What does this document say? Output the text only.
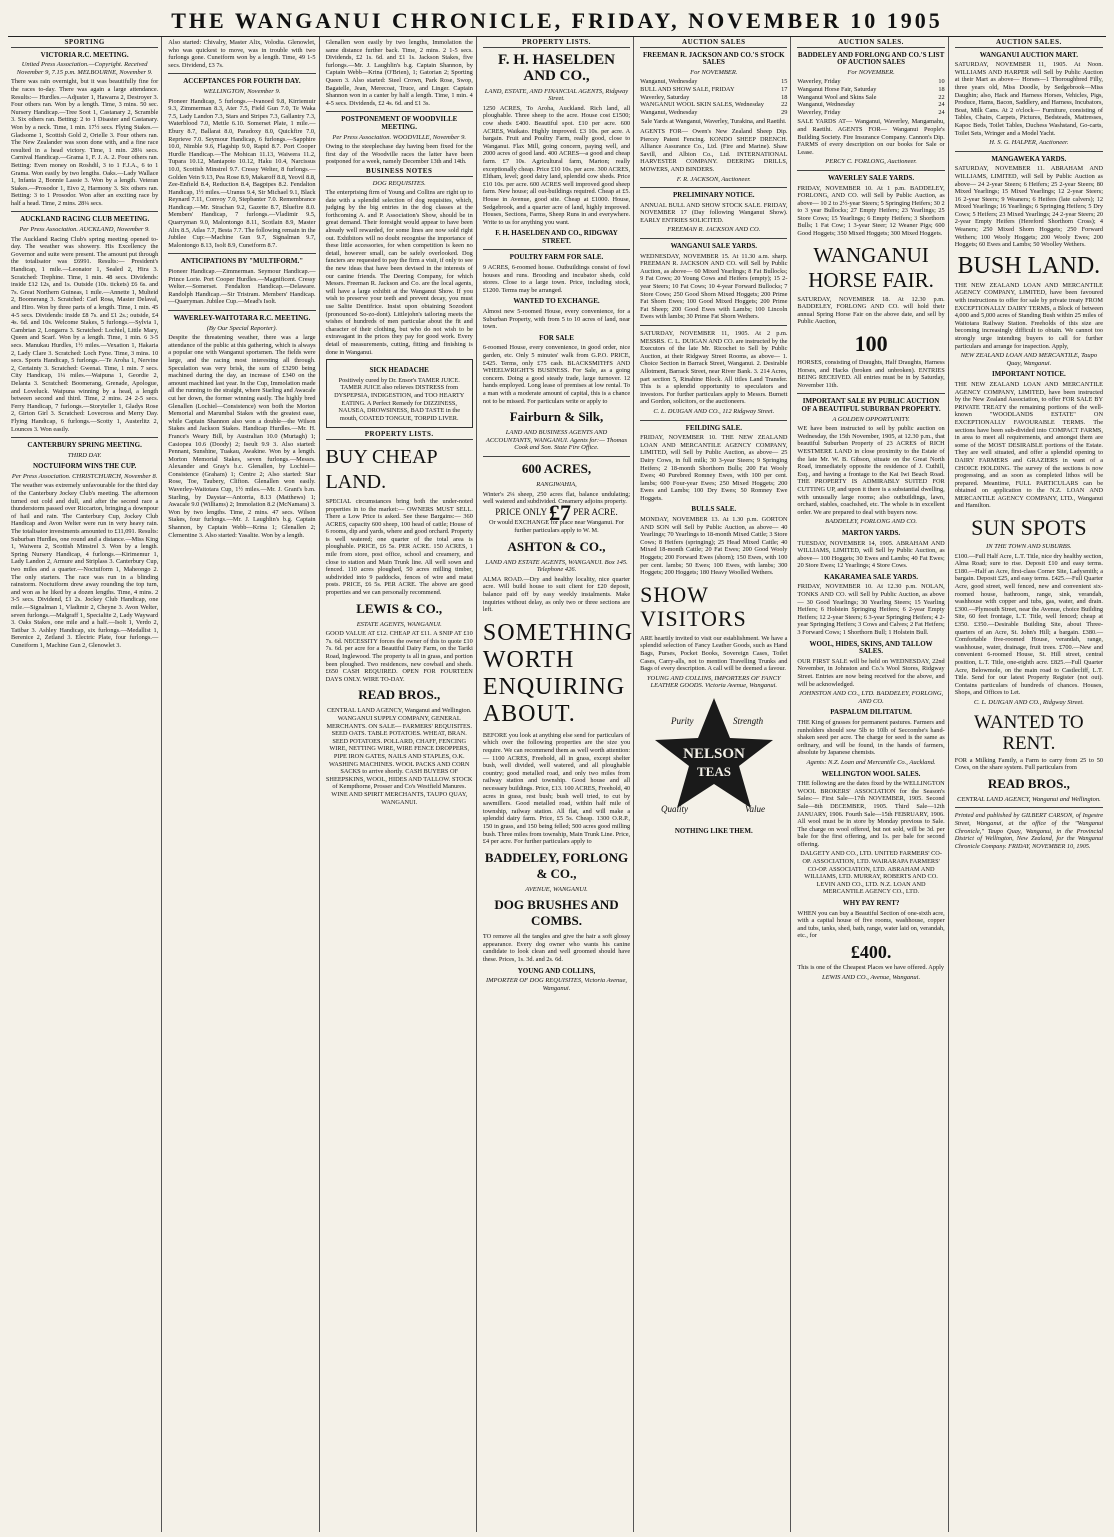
THE WANGANUI CHRONICLE, FRIDAY, NOVEMBER 10 1905
SPORTING
VICTORIA R.C. MEETING.
United Press Association.—Copyright. Received November 9, 7.15 p.m. MELBOURNE, November 9.
There was rain overnight, but it was beautifully fine for the races to-day. There was again a large attendance. Results:— Hurdles.—Adjuster 1, Hawarra 2, Destroyer 3. Four others ran. Won by a length. Time, 3 mins. 50 sec. Nursery Handicap.—Tree Soot 1, Castanary 2, Scramble 3. Six others ran. Betting: 2 to 1 Disaster and Castanary. Won by a neck. Time, 1 min. 17½ secs. Flying Stakes.—Gladsome 1, Scottish Gold 2, Orielle 3. Four others ran. The New Zealander was soon done with, and a fine race resulted in a head victory. Time, 1 min. 28¼ secs. Carnival Handicap.—Grama 1, F. J. A. 2. Four others ran. Betting: Even money on Roshdil, 3 to 1 F.J.A., 6 to 1 Grama. Won easily by two lengths. Oaks.—Lady Wallace 1, Infanta 2, Bonnie Lassie 3. Won by a length. Veteran Stakes.—Prosodor 1, Eivo 2, Harmony 3. Six others ran. Betting: 3 to 1 Prosodor. Won after an exciting race by half a head. Time, 2 mins. 28¼ secs.
AUCKLAND RACING CLUB MEETING.
Per Press Association. AUCKLAND, November 9.
The Auckland Racing Club's spring meeting opened to-day. The weather was showery. His Excellency the Governor and suite were present. The amount put through the totalisator was £6991. Results:— President's Handicap, 1 mile.—Leonator 1, Sealed 2, Hira 3. Scratched: Trephine. Time, 1 min. 48 secs. Dividends: inside £12 12s, and 1s. Outside (10s. tickets) £6 6s. and 7s. Great Northern Guineas, 1 mile.—Annette 1, Multeid 2, Boomerang 3. Scratched: Carl Rosa, Master Delaval, and Hiro. Won by three parts of a length. Time, 1 min. 45 4-5 secs. Dividends: inside £8 7s. and £1 2s.; outside, £4 4s. 6d. and 10s. Welcome Stakes, 5 furlongs.—Sylvia 1, Cambrian 2, Longarra 3. Scratched: Lochiel, Little Mary, Queen and Scarf. Won by a length. Time, 1 min. 6 3-5 secs. Manukau Hurdles, 1½ miles.—Vexation 1, Hakaria 2, Lady Clare 3. Scratched: Loch Fyne. Time, 3 mins. 10 secs. Sports Handicap, 5 furlongs.—Te Aroha 1, Nervine 2, Certainty 3. Scratched: Gwenai. Time, 1 min. 7 secs. City Handicap, 1¼ miles.—Waipuna 1, Geordie 2, Delanta 3. Scratched: Boomerang, Grenade, Apologue, and Loveluck. Waipuna winning by a head, a length between second and third. Time, 2 mins. 24 2-5 secs. Ferry Handicap, 7 furlongs.—Storyteller 1, Gladys Rose 2, Girton Girl 3. Scratched: Lovecross and Merry Day. Flying Handicap, 6 furlongs.—Scotty 1, Austerlitz 2, Lounces 3. Won easily.
CANTERBURY SPRING MEETING.
THIRD DAY.
NOCTUIFORM WINS THE CUP.
Per Press Association. CHRISTCHURCH, November 8.
The weather was extremely unfavourable for the third day of the Canterbury Jockey Club's meeting. The afternoon turned out cold and dull, and after the second race a thunderstorm passed over Riccarton, bringing a downpour of hail and rain. The Canterbury Cup, Jockey Club Handicap and Avon Welter were run in very heavy rain. The totalisator investments amounted to £11,091. Results: Suburban Hurdles, one round and a distance.—Miss King 1, Waiwera 2, Scottish Minstrel 3. Won by a length. Spring Nursery Handicap, 4 furlongs.—Kirimemur 1, Lady Landon 2, Armure and Striplass 3. Canterbury Cup, two miles and a quarter.—Noctuiform 1, Maheongo 2. The only starters. The race was run in a blinding rainstorm. Noctuiform drew away rounding the top turn, and won as he liked by a dozen lengths. Time, 4 mins. 2 3-5 secs. Dividend, £1 2s. Jockey Club Handicap, one mile.—Signalman 1, Vladimir 2, Cheyne 3. Avon Welter, seven furlongs.—Malgraff 1, Specialite 2, Lady Wayward 3. Oaks Stakes, one mile and a half.—Isolt 1, Verdo 2, Tatibar 3. Ashley Handicap, six furlongs.—Medallist 1, Berenice 2, Zetland 3. Electric Plate, four furlongs.—Cuneiform 1, Machine Gun 2, Glenowlet 3.
Also started: Chivalry, Master Alix, Volodia. Glenowlet, who was quickest to move, was in trouble with two furlongs gone. Cuneiform won by a length. Time, 49 1-5 secs. Dividend, £3 7s.
ACCEPTANCES FOR FOURTH DAY.
WELLINGTON, November 9.
Pioneer Handicap, 5 furlongs.—Ivanoed 9.8, Kirriemuir 9.3, Zimmerman 8.3, Ater 7.5, Field Gun 7.0, Te Waka 7.5, Lady Landon 7.3, Stars and Stripes 7.3, Gallantry 7.3, Waterblood 7.0, Mettle 6.10. Somerset Plate, 1 mile.—Ebury 8.7, Ballarat 8.0, Paradoxy 8.0, Quickfire 7.0, Reprieve 7.0. Seymour Handicap, 6 furlongs.—Sapphire 10.0, Nimble 9.6, Flagship 9.0, Rapid 8.7. Port Cooper Hurdle Handicap.—The Mohican 11.13, Waiwera 11.2, Tupara 10.12, Maniapoto 10.12, Haku 10.4, Narcissus 10.0, Scottish Minstrel 9.7. Cressy Welter, 8 furlongs.—Golden Vein 9.13, Pea Rose 8.9, Makaroff 8.8, Yeovil 8.8, Zee-Enfield 8.4, Reduction 8.4, Bagpipes 8.2. Fendalton Handicap, 1½ miles.—Uranus 9.4, Sir Michael 9.1, Black Reynard 7.11, Convoy 7.0, Stepbanter 7.0. Remembrance Handicap.—Mr. Strachan 9.2, Gazette 8.7, Bluefire 8.0. Members' Handicap, 7 furlongs.—Vladimir 9.5, Quarryman 9.0, Malontongo 8.11, Scotlain 8.9, Master Alix 8.5, Atlas 7.7, Besta 7.7. The following remain in the Jubilee Cup:—Machine Gun 9.7, Signalman 9.7, Malontongo 8.13, Isolt 8.9, Cuneiform 8.7.
ANTICIPATIONS BY "MULTIFORM."
Pioneer Handicap.—Zimmerman. Seymour Handicap.—Prince Lorie. Port Cooper Hurdles.—Magnificent. Cressy Welter.—Somerset. Fendalton Handicap.—Delaware. Randolph Handicap.—Sir Tristram. Members' Handicap.—Quarryman. Jubilee Cup.—Mead's Isolt.
WAVERLEY-WAITOTARA R.C. MEETING.
(By Our Special Reporter).
Despite the threatening weather, there was a large attendance of the public at this gathering, which is always a popular one with Wanganui sportsmen. The fields were large, and the racing most interesting all through. Speculation was very brisk, the sum of £3290 being machined during the day, an increase of £340 on the amount machined last year. In the Cup, Immolation made all the running to the straight, where Starling and Awacale cut her down, the former winning easily. The highly bred Glenallen (Lochiel—Consistence) won both the Morton Memorial and Marumbal Stakes with the greatest ease, while Captain Shannon also won a double—the Wilson Stakes and Jackson Stakes. Handicap Hurdles.—Mr. H. France's Weary Bill, by Australian 10.0 (Murtagh) 1; Casiopea 10.6 (Doody) 2; Iseult 9.9 3. Also started: Pennant, Sunshine, Tuakau, Awakine. Won by a length. Morton Memorial Stakes, seven furlongs.—Messrs. Alexander and Gray's b.c. Glenallen, by Lochiel—Consistence (Graham) 1; Centre 2; Also started: Star Rose, Toe, Taubery, Clifton. Glenallen won easily. Waverley-Waitotara Cup, 1½ miles.—Mr. J. Grant's b.m. Starling, by Daystar—Antorria, 8.13 (Matthews) 1; Awacale 9.0 (Williams) 2; Immolation 8.2 (McNamara) 3. Won by two lengths. Time, 2 mins. 47 secs. Wilson Stakes, four furlongs.—Mr. J. Laughlin's b.g. Captain Shannon, by Captain Webb—Krina 1; Glenallen 2; Clementine 3. Also started: Yasalite. Won by a length.
Glenallen won easily by two lengths, Immolation the same distance further back. Time, 2 mins. 2 1-5 secs. Dividends, £2 1s. 6d. and £1 1s. Jackson Stakes, five furlongs.—Mr. J. Laughlin's b.g. Captain Shannon, by Captain Webb—Krina (O'Brien), 1; Gatorian 2; Sporting Queen 3. Also started: Steel Crown, Park Rose, Swop, Bagatelle, Jean, Merecoat, Truce, and Linger. Captain Shannon won in a canter by half a length. Time, 1 min. 4 4-5 secs. Dividends, £2 4s. 6d. and £1 3s.
POSTPONEMENT OF WOODVILLE MEETING.
Per Press Association. WOODVILLE, November 9.
Owing to the steeplechase day having been fixed for the first day of the Woodville races the latter have been postponed for a week, namely December 13th and 14th.
BUSINESS NOTES
DOG REQUISITES.
The enterprising firm of Young and Collins are right up to date with a splendid selection of dog requisites, which, judging by the big entries in the dog classes at the forthcoming A. and P. Association's Show, should be in great demand. Their foresight would appear to have been already well rewarded, for some lines are now sold right out. Exhibitors will no doubt recognise the importance of these little accessories, for when competition is keen no detail, however small, can be safely overlooked. Dog fanciers are requested to pay the firm a visit, if only to see the new ideas that have been devised in the interests of our canine friends. The Deering Company, for which Messrs. Freeman R. Jackson and Co. are the local agents, will have a large exhibit at the Wanganui Show. If you wish to preserve your teeth and prevent decay, you must use Salite Dentifrice. Insist upon obtaining Sozodont (pronounced So-zo-dont). Littlejohn's tailoring meets the wishes of hundreds of men particular about the fit and character of their clothing, but who do not wish to be extravagant in the prices they pay for good work. Every detail of measurements, cutting, fitting and finishing is done in Wanganui.
SICK HEADACHE
Positively cured by Dr. Ensor's TAMER JUICE. TAMER JUICE also relieves DISTRESS from DYSPEPSIA, INDIGESTION, and TOO HEARTY EATING. A Perfect Remedy for DIZZINESS, NAUSEA, DROWSINESS, BAD TASTE in the mouth, COATED TONGUE, TORPID LIVER.
PROPERTY LISTS.
BUY CHEAP LAND.
SPECIAL circumstances bring both the under-noted properties in to the market:— OWNERS MUST SELL. There a Low Price is asked. See these Bargains:— 360 ACRES, capacity 600 sheep, 100 head of cattle; House of 6 rooms, dip and yards, where and good orchard. Property is well watered; one quarter of the total area is ploughable. PRICE, £6 5s. PER ACRE. 150 ACRES, 1 mile from store, post office, school and creamery, and close to station and Main Trunk line. All well sown and fenced. 110 acres ploughed, 50 acres milling timber, subdivided into 9 paddocks, fences of wire and matai posts. PRICE, £6 5s. PER ACRE. The above are good properties and we can personally recommend.
LEWIS & CO.,
ESTATE AGENTS, WANGANUI.
GOOD VALUE AT £12. CHEAP AT £11. A SNIP AT £10 7s. 6d. NECESSITY forces the owner of this to quote £10 7s. 6d. per acre for a Beautiful Dairy Farm, on the Tariki Road, Inglewood. The property is all in grass, and portion been ploughed. Two residences, new cowbail and sheds. £650 CASH REQUIRED. OPEN FOR FOURTEEN DAYS ONLY. WIRE TO-DAY.
READ BROS.,
CENTRAL LAND AGENCY, Wanganui and Wellington. WANGANUI SUPPLY COMPANY, GENERAL MERCHANTS. ON SALE— FARMERS' REQUISITES. SEED OATS. TABLE POTATOES. WHEAT, BRAN. SEED POTATOES. POLLARD, CHAFF, FENCING WIRE, NETTING WIRE, WIRE FENCE DROPPERS, PIPE IRON GATES, NAILS AND STAPLES, O.K. WASHING MACHINES. WOOL PACKS AND CORN SACKS to arrive shortly. CASH BUYERS OF SHEEPSKINS, WOOL, HIDES AND TALLOW. STOCK of Kempthorne, Prosser and Co's Westfield Manures. WINE AND SPIRIT MERCHANTS, TAUPO QUAY, WANGANUI.
PROPERTY LISTS.
F. H. HASELDEN AND CO.,
LAND, ESTATE, AND FINANCIAL AGENTS, Ridgway Street.
1250 ACRES, To Aroha, Auckland. Rich land, all ploughable. Three sheep to the acre. House cost £1500; cow sheds £400. Beautiful spot. £10 per acre. 600 ACRES, Waikato. Highly improved. £3 10s. per acre. A bargain. Fruit and Poultry Farm, really good, close to Wanganui. Flax Mill, going concern, paying well, and 2000 acres of good land. 400 ACRES—a good and cheap farm. £7 10s. Agricultural farm, Marton; really exceptionally cheap. Price £10 10s. per acre. 300 ACRES, Eltham, level; good dairy land, splendid cow sheds. Price £10 10s. per acre. 600 ACRES well improved good sheep farm. New house; all out-buildings required. Cheap at £5. House in Avenue, good site. Cheap at £1000. House, Sedgebrook, and a quarter acre of land, highly improved. Houses, Sections, Farms, Sheep Runs in and everywhere. Write to us for anything you want.
F. H. HASELDEN AND CO., RIDGWAY STREET.
POULTRY FARM FOR SALE.
9 ACRES, 6-roomed house. Outbuildings consist of fowl houses and runs. Brooding and incubator sheds, cold stores. Close to a large town. Price, including stock, £1200. Terms may be arranged.
WANTED TO EXCHANGE.
Almost new 5-roomed House, every convenience, for a Suburban Property, with from 5 to 10 acres of land, near town.
FOR SALE
6-roomed House, every convenience, in good order, nice garden, etc. Only 5 minutes' walk from G.P.O. PRICE, £425. Terms, only £75 cash. BLACKSMITH'S AND WHEELWRIGHT'S BUSINESS. For Sale, as a going concern. Doing a good steady trade, large turnover. 12 hands employed. Long lease of premises at low rental. To a man with a moderate amount of capital, this is a chance not to be missed. For particulars write or apply to
Fairburn & Silk,
LAND AND BUSINESS AGENTS AND ACCOUNTANTS, WANGANUI. Agents for:— Thomas Cook and Son. State Fire Office.
600 ACRES,
RANGIWAHIA,
Winter's 2¼ sheep, 250 acres flat, balance undulating; well watered and subdivided. Creamery adjoins property.
PRICE ONLY £7 PER ACRE.
Or would EXCHANGE for place near Wanganui. For further particulars apply to W. M.
ASHTON & CO.,
LAND AND ESTATE AGENTS, WANGANUI. Box 145. Telephone 426.
ALMA ROAD.—Dry and healthy locality, nice quarter acre. Will build house to suit client for £20 deposit, balance paid off by easy weekly instalments. Make inquiries without delay, as only two or three sections are left.
SOMETHING WORTH ENQUIRING ABOUT.
BEFORE you look at anything else send for particulars of which over the following properties are the size you require. We can recommend them as well worth attention:— 1100 ACRES, Freehold, all in grass, except shelter bush, well divided, well watered, and all ploughable country; good metalled road, and only two miles from railway station and township. Good house and all necessary buildings. Price, £13. 100 ACRES, Freehold, 40 acres in grass, rest bush; bush well tried, to cut by sawmillers. Good metalled road, within half mile of township, railway station. All flat, and will make a splendid dairy farm. Price, £5 5s. Cheap. 1300 O.R.P., 150 in grass, and 150 being felled; 500 acres good milling bush. Three miles from township, Main Trunk Line. Price, £4 per acre. For further particulars apply to
BADDELEY, FORLONG & CO.,
AVENUE, WANGANUI.
DOG BRUSHES AND COMBS.
TO remove all the tangles and give the hair a soft glossy appearance. Every dog owner who wants his canine candidate to look clean and well groomed should have these. Prices, 1s. 3d. and 2s. 6d.
YOUNG AND COLLINS,
IMPORTER OF DOG REQUISITES, Victoria Avenue, Wanganui.
AUCTION SALES
FREEMAN R. JACKSON AND CO.'S STOCK SALES
For NOVEMBER.
Wanganui, Wednesday	15
BULL AND SHOW SALE, FRIDAY	17
Waverley, Saturday	18
WANGANUI WOOL SKIN SALES, Wednesday	22
Wanganui, Wednesday	29
Sale Yards at Wanganui, Waverley, Turakina, and Raetihi.
AGENTS FOR— Owen's New Zealand Sheep Dip. Piercey Patent Fencing. KONDO SHEEP DRENCH. Alliance Assurance Co., Ltd. (Fire and Marine). Shaw Savill, and Albion Co., Ltd. INTERNATIONAL HARVESTER COMPANY. DEERING DRILLS, MOWERS, AND BINDERS.
F. R. JACKSON, Auctioneer.
PRELIMINARY NOTICE.
ANNUAL BULL AND SHOW STOCK SALE. FRIDAY, NOVEMBER 17 (Day following Wanganui Show). EARLY ENTRIES SOLICITED.
FREEMAN R. JACKSON AND CO.
WANGANUI SALE YARDS.
WEDNESDAY, NOVEMBER 15. At 11.30 a.m. sharp. FREEMAN R. JACKSON AND CO. will Sell by Public Auction, as above— 60 Mixed Yearlings; 8 Fat Bullocks; 9 Fat Cows; 20 Young Cows and Heifers (empty); 15 2-year Steers; 10 Fat Cows; 10 4-year Forward Bullocks; 7 Store Cows; 250 Good Shorn Mixed Hoggets; 200 Prime Fat Shorn Ewes; 100 Good Mixed Hoggets; 200 Prime Fat Sheep; 200 Good Ewes with Lambs; 100 Lincoln Ewes with lambs; 30 Prime Fat Shorn Wethers.
SATURDAY, NOVEMBER 11, 1905. At 2 p.m. MESSRS. C. L. DUIGAN AND CO. are instructed by the Executors of the late Mr. Ricochet to Sell by Public Auction, at their Ridgway Street Rooms, as above— 1. Choice Section in Barrack Street, Wanganui. 2. Desirable Allotment, Barrack Street, near River Bank. 3. 214 Acres, part section 5, Rinahine Block. All titles Land Transfer. This is a splendid opportunity to speculators and investors. For further particulars apply to Messrs. Burnett and Gordon, solicitors, or the auctioneers.
C. L. DUIGAN AND CO., 112 Ridgway Street.
FEILDING SALE.
FRIDAY, NOVEMBER 10. THE NEW ZEALAND LOAN AND MERCANTILE AGENCY COMPANY, LIMITED, will Sell by Public Auction, as above— 25 Dairy Cows, in full milk; 30 3-year Steers; 9 Springing Heifers; 2 18-month Shorthorn Bulls; 200 Fat Wooly Ewes; 40 Purebred Romney Ewes, with 100 per cent. lambs; 600 Four-year Ewes; 250 Mixed Hoggets; 200 Ewes and Lambs; 100 Dry Ewes; 50 Romney Ewe Hoggets.
BULLS SALE.
MONDAY, NOVEMBER 13. At 1.30 p.m. GORTON AND SON will Sell by Public Auction, as above— 40 Yearlings; 70 Yearlings to 18-month Mixed Cattle; 3 Store Cows; 8 Heifers (springing); 25 Head Mixed Cattle; 40 Mixed 18-month Cattle; 20 Fat Ewes; 200 Good Wooly Hoggets; 200 Forward Ewes (shorn); 150 Ewes, with 100 per cent. lambs; 50 Ewes; 100 Ewes, with lambs; 300 Hoggets; 200 Hoggets; 180 Heavy Woolled Wethers.
SHOW VISITORS
ARE heartily invited to visit our establishment. We have a splendid selection of Fancy Leather Goods, such as Hand Bags, Purses, Pocket Books, Sovereign Cases, Toilet Cases, Carry-alls, not to mention Travelling Trunks and Bags of every description. A call will be deemed a favour.
YOUNG AND COLLINS, IMPORTERS OF FANCY LEATHER GOODS. Victoria Avenue, Wanganui.
Purity	Strength
NELSON
TEAS
Quality	Value
NOTHING LIKE THEM.
AUCTION SALES.
BADDELEY AND FORLONG AND CO.'S LIST OF AUCTION SALES
For NOVEMBER.
Waverley, Friday	10
Wanganui Horse Fair, Saturday	18
Wanganui Wool and Skins Sale	22
Wanganui, Wednesday	24
Waverley, Friday	24
SALE YARDS AT— Wanganui, Waverley, Mangamahu, and Raetihi. AGENTS FOR— Wanganui People's Building Society. Fire Insurance Company. Cannon's Dip. FARMS of every description on our books for Sale or Lease.
PERCY C. FORLONG, Auctioneer.
WAVERLEY SALE YARDS.
FRIDAY, NOVEMBER 10. At 1 p.m. BADDELEY, FORLONG, AND CO. will Sell by Public Auction, as above— 10 2 to 2½-year Steers; 5 Springing Heifers; 30 2 to 3 year Bullocks; 27 Empty Heifers; 23 Yearlings; 25 Store Cows; 15 Yearlings; 6 Empty Heifers; 3 Shorthorn Bulls; 1 Fat Cow; 1 3-year Steer; 12 Weaner Pigs; 600 Good Hoggets; 350 Mixed Hoggets; 300 Mixed Hoggets.
WANGANUI HORSE FAIR.
SATURDAY, NOVEMBER 18. At 12.30 p.m. BADDELEY, FORLONG AND CO. will hold their annual Spring Horse Fair on the above date, and sell by Public Auction,
100
HORSES, consisting of Draughts, Half Draughts, Harness Horses, and Hacks (broken and unbroken). ENTRIES BEING RECEIVED. All entries must be in by Saturday, November 11th.
IMPORTANT SALE BY PUBLIC AUCTION OF A BEAUTIFUL SUBURBAN PROPERTY.
A GOLDEN OPPORTUNITY.
WE have been instructed to sell by public auction on Wednesday, the 15th November, 1905, at 12.30 p.m., that beautiful Suburban Property of 23 ACRES of RICH WESTMERE LAND in close proximity to the Estate of the late Mr. W. B. Gibson, situate on the Great North Road, immediately opposite the residence of J. Cuthill, Esq., and having a frontage to the Kai Iwi Beach Road. THE PROPERTY IS ADMIRABLY SUITED FOR CUTTING UP, and upon it there is a substantial dwelling, with unusually large rooms; also outbuildings, lawn, orchard, stables, coachshed, etc. The whole is in excellent order. We are prepared to deal with buyers now.
BADDELEY, FORLONG AND CO.
MARTON YARDS.
TUESDAY, NOVEMBER 14, 1905. ABRAHAM AND WILLIAMS, LIMITED, will Sell by Public Auction, as above— 100 Hoggets; 30 Ewes and Lambs; 40 Fat Ewes; 20 Store Ewes; 12 Yearlings; 4 Store Cows.
KAKARAMEA SALE YARDS.
FRIDAY, NOVEMBER 10. At 12.30 p.m. NOLAN, TONKS AND CO. will Sell by Public Auction, as above— 30 Good Yearlings; 30 Yearling Steers; 15 Yearling Heifers; 6 Holstein Springing Heifers; 6 2-year Empty Heifers; 12 2-year Steers; 6 3-year Springing Heifers; 4 2-year Springing Heifers; 3 Cows and Calves; 2 Fat Heifers; 3 Forward Cows; 1 Shorthorn Bull; 1 Holstein Bull.
WOOL, HIDES, SKINS, AND TALLOW SALES.
OUR FIRST SALE will be held on WEDNESDAY, 22nd November, in Johnston and Co.'s Wool Stores, Ridgway Street. Entries are now being received for the above, and will be acknowledged.
JOHNSTON AND CO., LTD. BADDELEY, FORLONG, AND CO.
PASPALUM DILITATUM.
THE King of grasses for permanent pastures. Farmers and runholders should sow 5lb to 10lb of Seccombe's hand-shaken seed per acre. The charge for seed is the same as ordinary, and will be found, in the hands of farmers, absolute by Japanese chemists.
Agents: N.Z. Loan and Mercantile Co., Auckland.
WELLINGTON WOOL SALES.
THE following are the dates fixed by the WELLINGTON WOOL BROKERS' ASSOCIATION for the Season's Sales:— First Sale—17th NOVEMBER, 1905. Second Sale—8th DECEMBER, 1905. Third Sale—12th JANUARY, 1906. Fourth Sale—15th FEBRUARY, 1906. All wool must be in store by Monday previous to Sale. The charge on wool offered, but not sold, will be 3d. per bale for the first offering, and 1s. per bale for second offering.
DALGETY AND CO., LTD. UNITED FARMERS' CO-OP. ASSOCIATION, LTD. WAIRARAPA FARMERS' CO-OP. ASSOCIATION, LTD. ABRAHAM AND WILLIAMS, LTD. MURRAY, ROBERTS AND CO. LEVIN AND CO., LTD. N.Z. LOAN AND MERCANTILE AGENCY CO., LTD.
WHY PAY RENT?
WHEN you can buy a Beautiful Section of one-sixth acre, with a capital house of five rooms, washhouse, copper and tubs, tanks, shed, bath, range, water laid on, verandah, etc., for
£400.
This is one of the Cheapest Places we have offered. Apply
LEWIS AND CO., Avenue, Wanganui.
AUCTION SALES.
WANGANUI AUCTION MART.
SATURDAY, NOVEMBER 11, 1905. At Noon. WILLIAMS AND HARPER will Sell by Public Auction at their Mart as above— Horses—1 Thoroughbred Filly, three years old, Miss Doodle, by Sedgebrook—Miss Daughin; also, Hack and Harness Horses, Vehicles, Pigs, Produce, Hams, Bacon, Saddlery, and Harness, Incubators, Boat, Milk Cans. At 2 o'clock— Furniture, consisting of Tables, Chairs, Carpets, Pictures, Bedsteads, Mattresses, Kapoc Beds, Toilet Tables, Duchess Washstand, Go-carts, Toilet Sets, Wringer and a Model Yacht.
H. S. G. HALPER, Auctioneer.
MANGAWEKA YARDS.
SATURDAY, NOVEMBER 11. ABRAHAM AND WILLIAMS, LIMITED, will Sell by Public Auction as above— 24 2-year Steers; 6 Heifers; 25 2-year Steers; 80 Mixed Yearlings; 15 Mixed Yearlings; 12 2-year Steers; 16 2-year Steers; 9 Weaners; 6 Heifers (late calvers); 12 Mixed Yearlings; 16 Yearlings; 6 Springing Heifers; 5 Dry Cows; 5 Heifers; 23 Mixed Yearlings; 24 2-year Steers; 20 2-year Empty Heifers (Hereford Shorthorn Cross); 4 Weaners; 250 Mixed Shorn Hoggets; 250 Forward Wethers; 100 Wooly Hoggets; 200 Wooly Ewes; 200 Hoggets; 60 Ewes and Lambs; 50 Woolley Wethers.
BUSH LAND.
THE NEW ZEALAND LOAN AND MERCANTILE AGENCY COMPANY, LIMITED, have been favoured with instructions to offer for sale by private treaty FROM EXCEPTIONALLY DAIRY TERMS, a Block of between 4,000 and 5,000 acres of Standing Bush within 25 miles of Waitotara Railway Station. Freeholds of this size are becoming increasingly difficult to obtain. We cannot too strongly urge intending buyers to call for further particulars and arrange for inspection. Apply,
NEW ZEALAND LOAN AND MERCANTILE, Taupo Quay, Wanganui.
IMPORTANT NOTICE.
THE NEW ZEALAND LOAN AND MERCANTILE AGENCY COMPANY, LIMITED, have been instructed by the New Zealand Association, to offer FOR SALE BY PRIVATE TREATY the remaining portions of the well-known "WOODLANDS ESTATE" ON EXCEPTIONALLY FAVOURABLE TERMS. The sections have been sub-divided into COMPACT FARMS, in area to meet all requirements, and amongst them are some of the MOST DESIRABLE portions of the Estate. They are well situated, and offer a splendid opening to DAIRY FARMERS and GRAZIERS in want of a CHOICE HOLDING. The survey of the sections is now progressing, and as soon as completed lithos will be prepared. Meantime, FULL PARTICULARS can be obtained on application to the N.Z. LOAN AND MERCANTILE AGENCY COMPANY, LTD., Wanganui and Hamilton.
SUN SPOTS
IN THE TOWN AND SUBURBS.
£100.—Full Half Acre, L.T. Title, nice dry healthy section, Alma Road; sure to rise. Deposit £10 and easy terms. £180.—Half an Acre, first-class Corner Site, Ladysmith; a bargain. Deposit £25, and easy terms. £425.—Full Quarter Acre, good street, well fenced, new and convenient six-roomed house, bathroom, range, sink, verandah, washhouse with copper and tubs, gas, water, and drain. £300.—Plymouth Street, near the Avenue, choice Building Site, 60 feet frontage, L.T. Title, well fenced; cheap at £350. £350.—Desirable Building Site, about Three-quarters of an Acre, St. John's Hill; a bargain. £380.—Comfortable five-roomed House, verandah, range, washhouse, water, drainage, fruit trees. £700.—New and convenient 6-roomed House, St. Hill street, central position, L.T. Title, one-eighth acre. £825.—Full Quarter Acre, Belowmole, on the main road to Castlecliff, L.T. Title. Send for our latest Property Register (not out). Contains particulars of hundreds of chances. Houses, Shops, and Offices to Let.
C. L. DUIGAN AND CO., Ridgway Street.
WANTED TO RENT.
FOR a Milking Family, a Farm to carry from 25 to 50 Cows, on the share system. Full particulars from
READ BROS.,
CENTRAL LAND AGENCY, Wanganui and Wellington.
Printed and published by GILBERT CARSON, of Ingestre Street, Wanganui, at the office of the "Wanganui Chronicle," Taupo Quay, Wanganui, in the Provincial District of Wellington, New Zealand, for the Wanganui Chronicle Company. FRIDAY, NOVEMBER 10, 1905.
